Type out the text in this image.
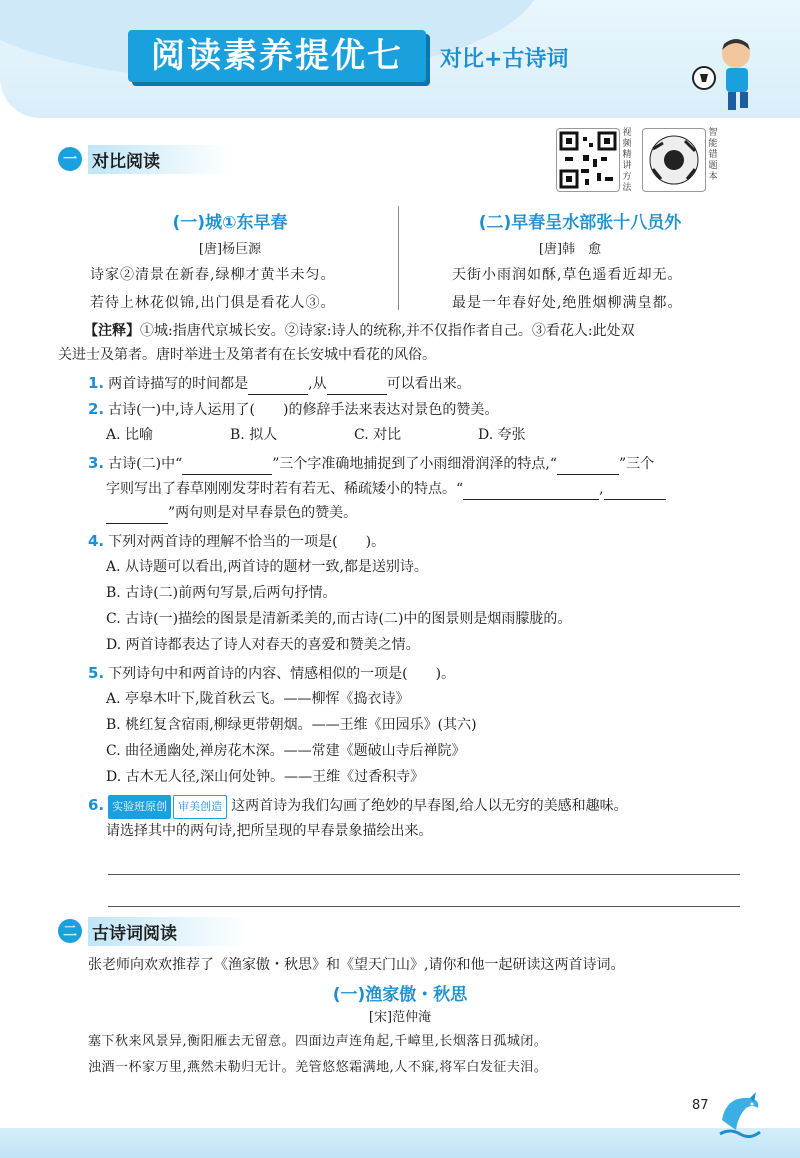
阅读素养提优七	对比+古诗词
一 对比阅读
视频精讲方法
智能错题本
(一)城①东早春
[唐]杨巨源
诗家②清景在新春,绿柳才黄半未匀。
若待上林花似锦,出门俱是看花人③。
(二)早春呈水部张十八员外
[唐]韩　愈
天街小雨润如酥,草色遥看近却无。
最是一年春好处,绝胜烟柳满皇都。
【注释】①城:指唐代京城长安。②诗家:诗人的统称,并不仅指作者自己。③看花人:此处双
关进士及第者。唐时举进士及第者有在长安城中看花的风俗。
1. 两首诗描写的时间都是	,从	可以看出来。
2. 古诗(一)中,诗人运用了(　　)的修辞手法来表达对景色的赞美。
A. 比喻	B. 拟人	C. 对比	D. 夸张
3. 古诗(二)中“	”三个字准确地捕捉到了小雨细滑润泽的特点,“	”三个
字则写出了春草刚刚发芽时若有若无、稀疏矮小的特点。“	,
”两句则是对早春景色的赞美。
4. 下列对两首诗的理解不恰当的一项是(　　)。
A. 从诗题可以看出,两首诗的题材一致,都是送别诗。
B. 古诗(二)前两句写景,后两句抒情。
C. 古诗(一)描绘的图景是清新柔美的,而古诗(二)中的图景则是烟雨朦胧的。
D. 两首诗都表达了诗人对春天的喜爱和赞美之情。
5. 下列诗句中和两首诗的内容、情感相似的一项是(　　)。
A. 亭皋木叶下,陇首秋云飞。——柳恽《捣衣诗》
B. 桃红复含宿雨,柳绿更带朝烟。——王维《田园乐》(其六)
C. 曲径通幽处,禅房花木深。——常建《题破山寺后禅院》
D. 古木无人径,深山何处钟。——王维《过香积寺》
6. 实验班原创 审美创造 这两首诗为我们勾画了绝妙的早春图,给人以无穷的美感和趣味。
请选择其中的两句诗,把所呈现的早春景象描绘出来。
二 古诗词阅读
张老师向欢欢推荐了《渔家傲・秋思》和《望天门山》,请你和他一起研读这两首诗词。
(一)渔家傲・秋思
[宋]范仲淹
塞下秋来风景异,衡阳雁去无留意。四面边声连角起,千嶂里,长烟落日孤城闭。
浊酒一杯家万里,燕然未勒归无计。羌管悠悠霜满地,人不寐,将军白发征夫泪。
87
